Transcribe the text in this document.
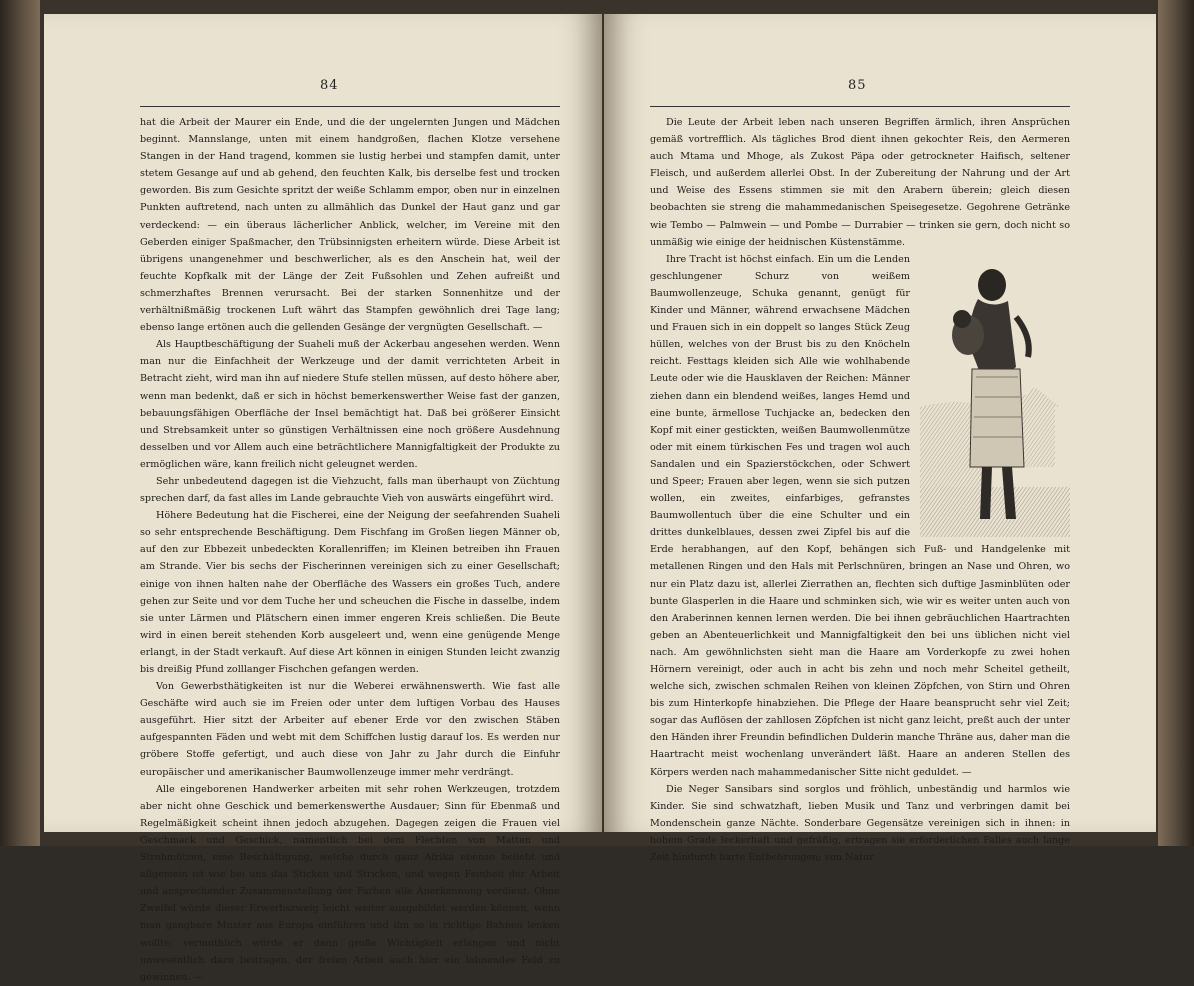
84

hat die Arbeit der Maurer ein Ende, und die der ungelernten Jungen und Mädchen beginnt. Mannslange, unten mit einem handgroßen, flachen Klotze versehene Stangen in der Hand tragend, kommen sie lustig herbei und stampfen damit, unter stetem Gesange auf und ab gehend, den feuchten Kalk, bis derselbe fest und trocken geworden. Bis zum Gesichte spritzt der weiße Schlamm empor, oben nur in einzelnen Punkten auftretend, nach unten zu allmählich das Dunkel der Haut ganz und gar verdeckend: — ein überaus lächerlicher Anblick, welcher, im Vereine mit den Geberden einiger Spaßmacher, den Trübsinnigsten erheitern würde. Diese Arbeit ist übrigens unangenehmer und beschwerlicher, als es den Anschein hat, weil der feuchte Kopfkalk mit der Länge der Zeit Fußsohlen und Zehen aufreißt und schmerzhaftes Brennen verursacht. Bei der starken Sonnenhitze und der verhältnißmäßig trockenen Luft währt das Stampfen gewöhnlich drei Tage lang; ebenso lange ertönen auch die gellenden Gesänge der vergnügten Gesellschaft. —

Als Hauptbeschäftigung der Suaheli muß der Ackerbau angesehen werden. Wenn man nur die Einfachheit der Werkzeuge und der damit verrichteten Arbeit in Betracht zieht, wird man ihn auf niedere Stufe stellen müssen, auf desto höhere aber, wenn man bedenkt, daß er sich in höchst bemerkenswerther Weise fast der ganzen, bebauungsfähigen Oberfläche der Insel bemächtigt hat. Daß bei größerer Einsicht und Strebsamkeit unter so günstigen Verhältnissen eine noch größere Ausdehnung desselben und vor Allem auch eine beträchtlichere Mannigfaltigkeit der Produkte zu ermöglichen wäre, kann freilich nicht geleugnet werden.

Sehr unbedeutend dagegen ist die Viehzucht, falls man überhaupt von Züchtung sprechen darf, da fast alles im Lande gebrauchte Vieh von auswärts eingeführt wird.

Höhere Bedeutung hat die Fischerei, eine der Neigung der seefahrenden Suaheli so sehr entsprechende Beschäftigung. Dem Fischfang im Großen liegen Männer ob, auf den zur Ebbezeit unbedeckten Korallenriffen; im Kleinen betreiben ihn Frauen am Strande. Vier bis sechs der Fischerinnen vereinigen sich zu einer Gesellschaft; einige von ihnen halten nahe der Oberfläche des Wassers ein großes Tuch, andere gehen zur Seite und vor dem Tuche her und scheuchen die Fische in dasselbe, indem sie unter Lärmen und Plätschern einen immer engeren Kreis schließen. Die Beute wird in einen bereit stehenden Korb ausgeleert und, wenn eine genügende Menge erlangt, in der Stadt verkauft. Auf diese Art können in einigen Stunden leicht zwanzig bis dreißig Pfund zolllanger Fischchen gefangen werden.

Von Gewerbsthätigkeiten ist nur die Weberei erwähnenswerth. Wie fast alle Geschäfte wird auch sie im Freien oder unter dem luftigen Vorbau des Hauses ausgeführt. Hier sitzt der Arbeiter auf ebener Erde vor den zwischen Stäben aufgespannten Fäden und webt mit dem Schiffchen lustig darauf los. Es werden nur gröbere Stoffe gefertigt, und auch diese von Jahr zu Jahr durch die Einfuhr europäischer und amerikanischer Baumwollenzeuge immer mehr verdrängt.

Alle eingeborenen Handwerker arbeiten mit sehr rohen Werkzeugen, trotzdem aber nicht ohne Geschick und bemerkenswerthe Ausdauer; Sinn für Ebenmaß und Regelmäßigkeit scheint ihnen jedoch abzugehen. Dagegen zeigen die Frauen viel Geschmack und Geschick, namentlich bei dem Flechten von Matten und Strohmützen, eine Beschäftigung, welche durch ganz Afrika ebenso beliebt und allgemein ist wie bei uns das Sticken und Stricken, und wegen Feinheit der Arbeit und ansprechender Zusammenstellung der Farben alle Anerkennung verdient. Ohne Zweifel würde dieser Erwerbszweig leicht weiter ausgebildet werden können, wenn man gangbare Muster aus Europa einführen und ihn so in richtige Bahnen lenken wollte; vermuthlich würde er dann große Wichtigkeit erlangen und nicht unwesentlich dazu beitragen, der freien Arbeit auch hier ein lohnendes Feld zu gewinnen. —

85

Die Leute der Arbeit leben nach unseren Begriffen ärmlich, ihren Ansprüchen gemäß vortrefflich. Als tägliches Brod dient ihnen gekochter Reis, den Aermeren auch Mtama und Mhoge, als Zukost Päpa oder getrockneter Haifisch, seltener Fleisch, und außerdem allerlei Obst. In der Zubereitung der Nahrung und der Art und Weise des Essens stimmen sie mit den Arabern überein; gleich diesen beobachten sie streng die mahammedanischen Speisegesetze. Gegohrene Getränke wie Tembo — Palmwein — und Pombe — Durrabier — trinken sie gern, doch nicht so unmäßig wie einige der heidnischen Küstenstämme.

Ihre Tracht ist höchst einfach. Ein um die Lenden geschlungener Schurz von weißem Baumwollenzeuge, Schuka genannt, genügt für Kinder und Männer, während erwachsene Mädchen und Frauen sich in ein doppelt so langes Stück Zeug hüllen, welches von der Brust bis zu den Knöcheln reicht. Festtags kleiden sich Alle wie wohlhabende Leute oder wie die Hausklaven der Reichen: Männer ziehen dann ein blendend weißes, langes Hemd und eine bunte, ärmellose Tuchjacke an, bedecken den Kopf mit einer gestickten, weißen Baumwollenmütze oder mit einem türkischen Fes und tragen wol auch Sandalen und ein Spazierstöckchen, oder Schwert und Speer; Frauen aber legen, wenn sie sich putzen wollen, ein zweites, einfarbiges, gefranstes Baumwollentuch über die eine Schulter und ein drittes dunkelblaues, dessen zwei Zipfel bis auf die Erde herabhangen, auf den Kopf, behängen sich Fuß- und Handgelenke mit metallenen Ringen und den Hals mit Perlschnüren, bringen an Nase und Ohren, wo nur ein Platz dazu ist, allerlei Zierrathen an, flechten sich duftige Jasminblüten oder bunte Glasperlen in die Haare und schminken sich, wie wir es weiter unten auch von den Araberinnen kennen lernen werden. Die bei ihnen gebräuchlichen Haartrachten geben an Abenteuerlichkeit und Mannigfaltigkeit den bei uns üblichen nicht viel nach. Am gewöhnlichsten sieht man die Haare am Vorderkopfe zu zwei hohen Hörnern vereinigt, oder auch in acht bis zehn und noch mehr Scheitel getheilt, welche sich, zwischen schmalen Reihen von kleinen Zöpfchen, von Stirn und Ohren bis zum Hinterkopfe hinabziehen. Die Pflege der Haare beansprucht sehr viel Zeit; sogar das Auflösen der zahllosen Zöpfchen ist nicht ganz leicht, preßt auch der unter den Händen ihrer Freundin befindlichen Dulderin manche Thräne aus, daher man die Haartracht meist wochenlang unverändert läßt. Haare an anderen Stellen des Körpers werden nach mahammedanischer Sitte nicht geduldet. —

Die Neger Sansibars sind sorglos und fröhlich, unbeständig und harmlos wie Kinder. Sie sind schwatzhaft, lieben Musik und Tanz und verbringen damit bei Mondenschein ganze Nächte. Sonderbare Gegensätze vereinigen sich in ihnen: in hohem Grade leckerhaft und gefräßig, ertragen sie erforderlichen Falles auch lange Zeit hindurch harte Entbehrungen; von Natur
